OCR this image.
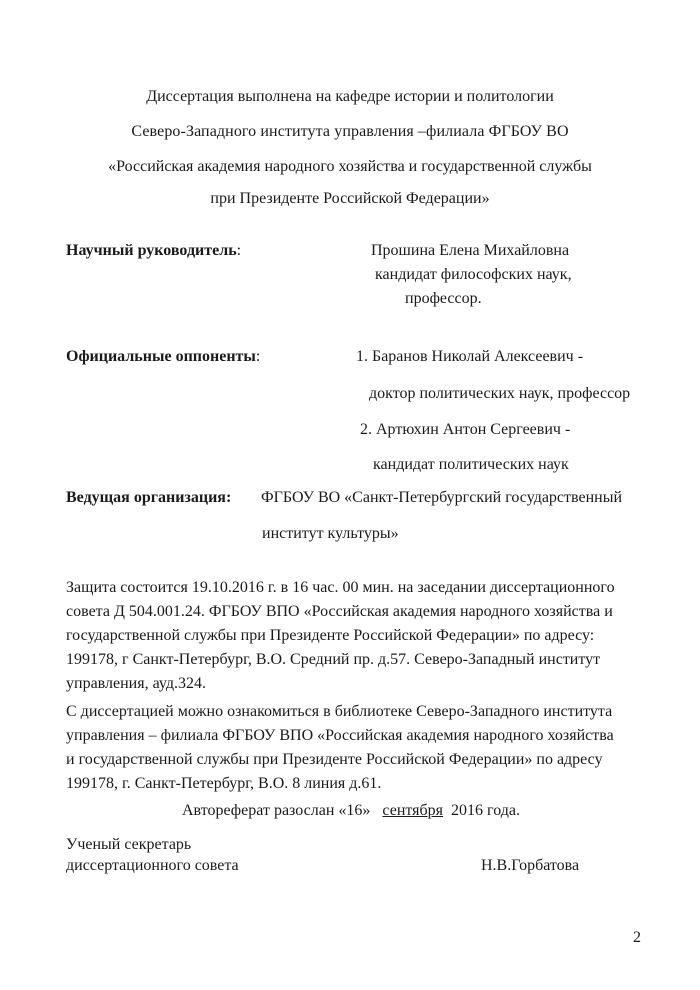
Диссертация выполнена на кафедре истории и политологии
Северо-Западного института управления –филиала ФГБОУ ВО
«Российская академия народного хозяйства и государственной службы
при Президенте Российской Федерации»
Научный руководитель:	Прошина Елена Михайловна
кандидат философских наук,
профессор.
Официальные оппоненты:	1. Баранов Николай Алексеевич -
доктор политических наук, профессор
2. Артюхин Антон Сергеевич -
кандидат политических наук
Ведущая организация: ФГБОУ ВО «Санкт-Петербургский государственный
институт культуры»
Защита состоится 19.10.2016 г. в 16 час. 00 мин. на заседании диссертационного
совета Д 504.001.24. ФГБОУ ВПО «Российская академия народного хозяйства и
государственной службы при Президенте Российской Федерации» по адресу:
199178, г Санкт-Петербург, В.О. Средний пр. д.57. Северо-Западный институт
управления, ауд.324.
С диссертацией можно ознакомиться в библиотеке Северо-Западного института
управления – филиала ФГБОУ ВПО «Российская академия народного хозяйства
и государственной службы при Президенте Российской Федерации» по адресу
199178, г. Санкт-Петербург, В.О. 8 линия д.61.
Автореферат разослан «16» сентября 2016 года.
Ученый секретарь
диссертационного совета	Н.В.Горбатова
2
